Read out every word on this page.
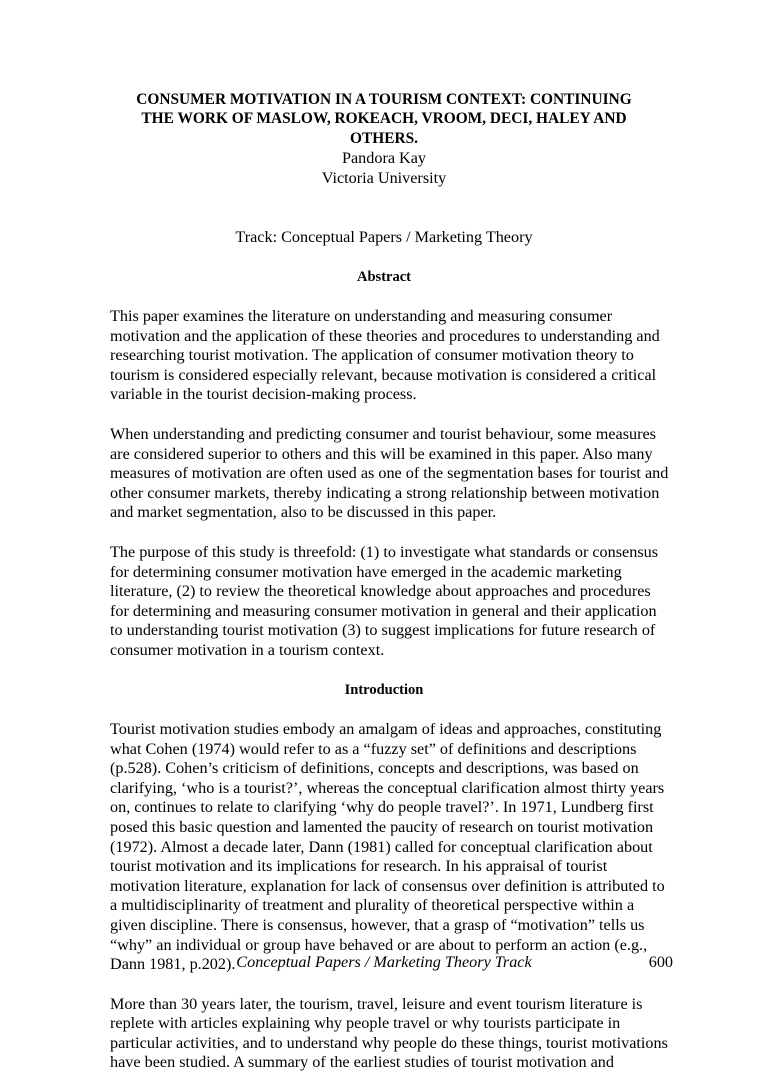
CONSUMER MOTIVATION IN A TOURISM CONTEXT: CONTINUING
THE WORK OF MASLOW, ROKEACH, VROOM, DECI, HALEY AND
OTHERS.
Pandora Kay
Victoria University
Track: Conceptual Papers / Marketing Theory
Abstract
This paper examines the literature on understanding and measuring consumer
motivation and the application of these theories and procedures to understanding and
researching tourist motivation. The application of consumer motivation theory to
tourism is considered especially relevant, because motivation is considered a critical
variable in the tourist decision-making process.
When understanding and predicting consumer and tourist behaviour, some measures
are considered superior to others and this will be examined in this paper. Also many
measures of motivation are often used as one of the segmentation bases for tourist and
other consumer markets, thereby indicating a strong relationship between motivation
and market segmentation, also to be discussed in this paper.
The purpose of this study is threefold: (1) to investigate what standards or consensus
for determining consumer motivation have emerged in the academic marketing
literature, (2) to review the theoretical knowledge about approaches and procedures
for determining and measuring consumer motivation in general and their application
to understanding tourist motivation (3) to suggest implications for future research of
consumer motivation in a tourism context.
Introduction
Tourist motivation studies embody an amalgam of ideas and approaches, constituting
what Cohen (1974) would refer to as a “fuzzy set” of definitions and descriptions
(p.528). Cohen’s criticism of definitions, concepts and descriptions, was based on
clarifying, ‘who is a tourist?’, whereas the conceptual clarification almost thirty years
on, continues to relate to clarifying ‘why do people travel?’. In 1971, Lundberg first
posed this basic question and lamented the paucity of research on tourist motivation
(1972). Almost a decade later, Dann (1981) called for conceptual clarification about
tourist motivation and its implications for research. In his appraisal of tourist
motivation literature, explanation for lack of consensus over definition is attributed to
a multidisciplinarity of treatment and plurality of theoretical perspective within a
given discipline. There is consensus, however, that a grasp of “motivation” tells us
“why” an individual or group have behaved or are about to perform an action (e.g.,
Dann 1981, p.202).
More than 30 years later, the tourism, travel, leisure and event tourism literature is
replete with articles explaining why people travel or why tourists participate in
particular activities, and to understand why people do these things, tourist motivations
have been studied. A summary of the earliest studies of tourist motivation and
Conceptual Papers / Marketing Theory Track	600
